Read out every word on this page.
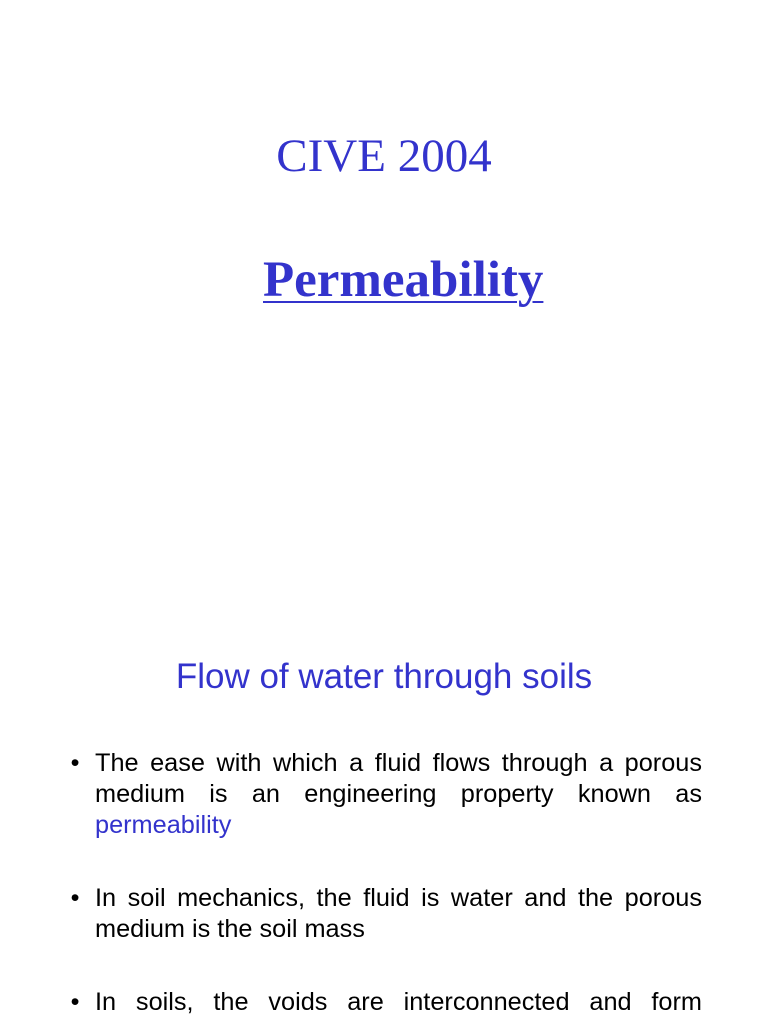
CIVE 2004
Permeability
Flow of water through soils
• The ease with which a fluid flows through a porous medium is an engineering property known as permeability

• In soil mechanics, the fluid is water and the porous medium is the soil mass

• In soils, the voids are interconnected and form
